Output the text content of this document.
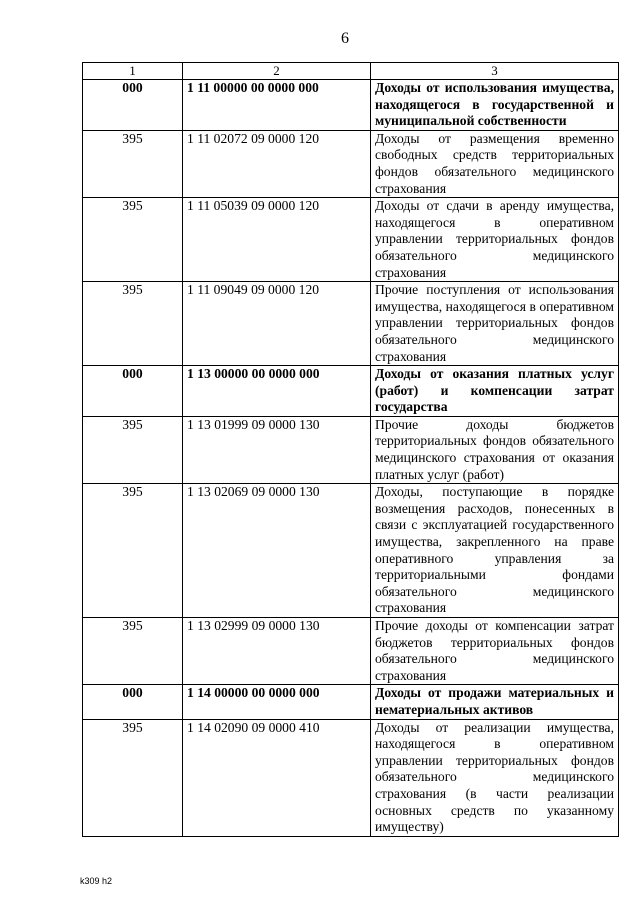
6
1	2	3
000	1 11 00000 00 0000 000	Доходы от использования имущества, находящегося в государственной и муниципальной собственности
395	1 11 02072 09 0000 120	Доходы от размещения временно свободных средств территориальных фондов обязательного медицинского страхования
395	1 11 05039 09 0000 120	Доходы от сдачи в аренду имущества, находящегося в оперативном управлении территориальных фондов обязательного медицинского страхования
395	1 11 09049 09 0000 120	Прочие поступления от использования имущества, находящегося в оперативном управлении территориальных фондов обязательного медицинского страхования
000	1 13 00000 00 0000 000	Доходы от оказания платных услуг (работ) и компенсации затрат государства
395	1 13 01999 09 0000 130	Прочие доходы бюджетов территориальных фондов обязательного медицинского страхования от оказания платных услуг (работ)
395	1 13 02069 09 0000 130	Доходы, поступающие в порядке возмещения расходов, понесенных в связи с эксплуатацией государственного имущества, закрепленного на праве оперативного управления за территориальными фондами обязательного медицинского страхования
395	1 13 02999 09 0000 130	Прочие доходы от компенсации затрат бюджетов территориальных фондов обязательного медицинского страхования
000	1 14 00000 00 0000 000	Доходы от продажи материальных и нематериальных активов
395	1 14 02090 09 0000 410	Доходы от реализации имущества, находящегося в оперативном управлении территориальных фондов обязательного медицинского страхования (в части реализации основных средств по указанному имуществу)
k309 h2
